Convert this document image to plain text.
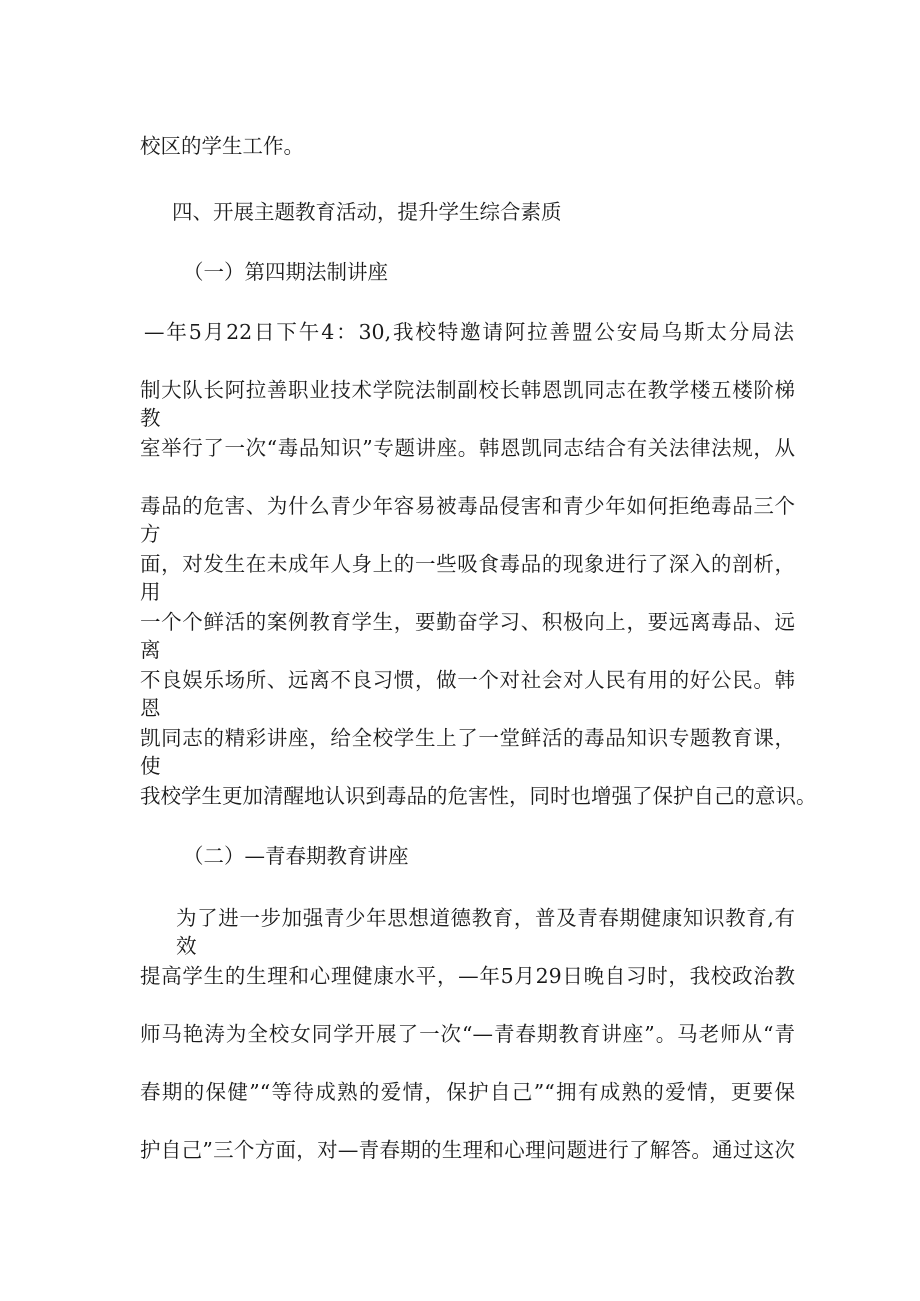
校区的学生工作。
四、开展主题教育活动，提升学生综合素质
（一）第四期法制讲座
—年5月22日下午4：30,我校特邀请阿拉善盟公安局乌斯太分局法
制大队长阿拉善职业技术学院法制副校长韩恩凯同志在教学楼五楼阶梯教
室举行了一次“毒品知识”专题讲座。韩恩凯同志结合有关法律法规，从
毒品的危害、为什么青少年容易被毒品侵害和青少年如何拒绝毒品三个方
面，对发生在未成年人身上的一些吸食毒品的现象进行了深入的剖析，用
一个个鲜活的案例教育学生，要勤奋学习、积极向上，要远离毒品、远离
不良娱乐场所、远离不良习惯，做一个对社会对人民有用的好公民。韩恩
凯同志的精彩讲座，给全校学生上了一堂鲜活的毒品知识专题教育课，使
我校学生更加清醒地认识到毒品的危害性，同时也增强了保护自己的意识。
（二）—青春期教育讲座
为了进一步加强青少年思想道德教育，普及青春期健康知识教育,有效
提高学生的生理和心理健康水平，—年5月29日晚自习时，我校政治教
师马艳涛为全校女同学开展了一次“—青春期教育讲座”。马老师从“青
春期的保健”“等待成熟的爱情，保护自己”“拥有成熟的爱情，更要保
护自己”三个方面，对—青春期的生理和心理问题进行了解答。通过这次
